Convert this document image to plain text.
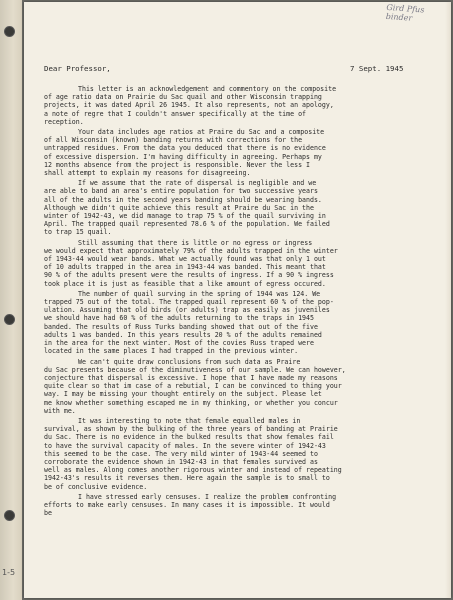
1-5
Gird Pfus
binder
Dear Professor,	7 Sept. 1945
This letter is an acknowledgement and commentory on the composite
of age ratio data on Prairie du Sac quail and other Wisconsin trapping
projects, it was dated April 26 1945. It also represents, not an apology,
a note of regre that I couldn't answer specifically at the time of
reception.
Your data includes age ratios at Praire du Sac and a composite
of all Wisconsin (known) banding returns with corrections for the
untrapped residues. From the data you deduced that there is no evidence
of excessive dispersion. I'm having difficulty in agreeing. Perhaps my
12 months absence from the project is responsible. Never the less I
shall attempt to explain my reasons for disagreeing.
If we assume that the rate of dispersal is negligible and we
are able to band an area's entire population for two successive years
all of the adults in the second years banding should be wearing bands.
Although we didn't quite achieve this result at Praire du Sac in the
winter of 1942-43, we did manage to trap 75 % of the quail surviving in
April. The trapped quail represented 78.6 % of the population. We failed
to trap 15 quail.
Still assuming that there is little or no egress or ingress
we would expect that approximately 79% of the adults trapped in the winter
of 1943-44 would wear bands. What we actually found was that only 1 out
of 10 adults trapped in the area in 1943-44 was banded. This meant that
90 % of the adults present were the results of ingress. If a 90 % ingress
took place it is just as feasible that a like amount of egress occured.
The number of quail surving in the spring of 1944 was 124. We
trapped 75 out of the total. The trapped quail represent 60 % of the pop-
ulation. Assuming that old birds (or adults) trap as easily as juveniles
we should have had 60 % of the adults returning to the traps in 1945
banded. The results of Russ Turks banding showed that out of the five
adults 1 was banded. In this years results 20 % of the adults remained
in the area for the next winter. Most of the covies Russ traped were
located in the same places I had trapped in the previous winter.
We can't quite draw conclusions from such data as Praire
du Sac presents because of the diminutiveness of our sample. We can however,
conjecture that dispersal is excessive. I hope that I have made my reasons
quite clear so that im case of a rebutial, I can be convinced to thing your
way. I may be missing your thought entirely on the subject. Please let
me know whether something escaped me in my thinking, or whether you concur
with me.
It was interesting to note that female equalled males in
survival, as shown by the bulking of the three years of banding at Prairie
du Sac. There is no evidence in the bulked results that show females fail
to have the survival capacity of males. In the severe winter of 1942-43
this seemed to be the case. The very mild winter of 1943-44 seemed to
corroborate the evidence shown in 1942-43 in that females survived as
well as males. Along comes another rigorous winter and instead of repeating
1942-43's results it reverses them. Here again the sample is to small to
be of conclusive evidence.
I have stressed early censuses. I realize the problem confronting
efforts to make early censuses. In many cases it is impossible. It would
be
